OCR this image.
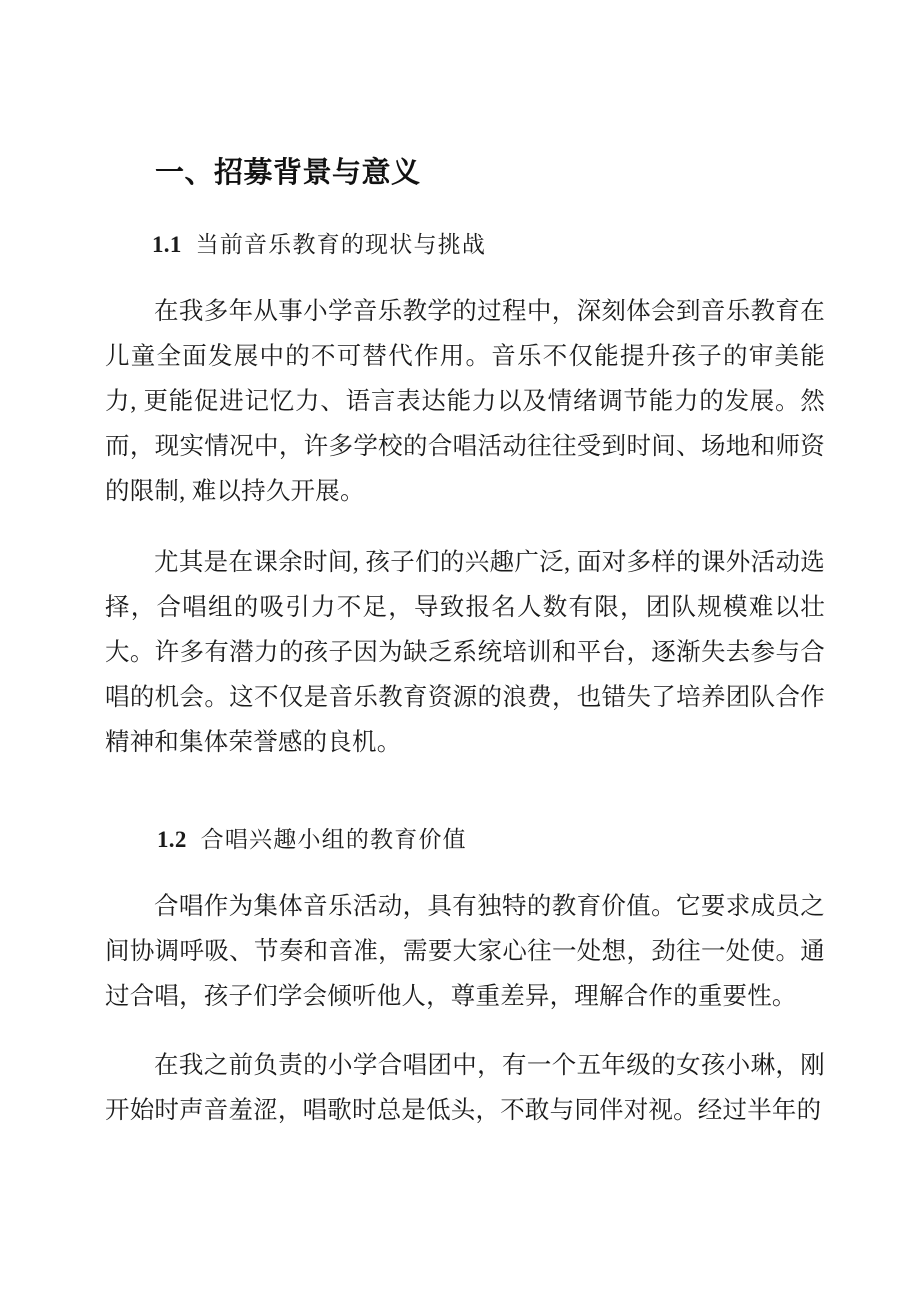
一、招募背景与意义
1.1 当前音乐教育的现状与挑战

在我多年从事小学音乐教学的过程中，深刻体会到音乐教育在儿童全面发展中的不可替代作用。音乐不仅能提升孩子的审美能力, 更能促进记忆力、语言表达能力以及情绪调节能力的发展。然而，现实情况中，许多学校的合唱活动往往受到时间、场地和师资的限制, 难以持久开展。

尤其是在课余时间, 孩子们的兴趣广泛, 面对多样的课外活动选择，合唱组的吸引力不足，导致报名人数有限，团队规模难以壮大。许多有潜力的孩子因为缺乏系统培训和平台，逐渐失去参与合唱的机会。这不仅是音乐教育资源的浪费，也错失了培养团队合作精神和集体荣誉感的良机。

1.2 合唱兴趣小组的教育价值

合唱作为集体音乐活动，具有独特的教育价值。它要求成员之间协调呼吸、节奏和音准，需要大家心往一处想，劲往一处使。通过合唱，孩子们学会倾听他人，尊重差异，理解合作的重要性。

在我之前负责的小学合唱团中，有一个五年级的女孩小琳，刚开始时声音羞涩，唱歌时总是低头，不敢与同伴对视。经过半年的
